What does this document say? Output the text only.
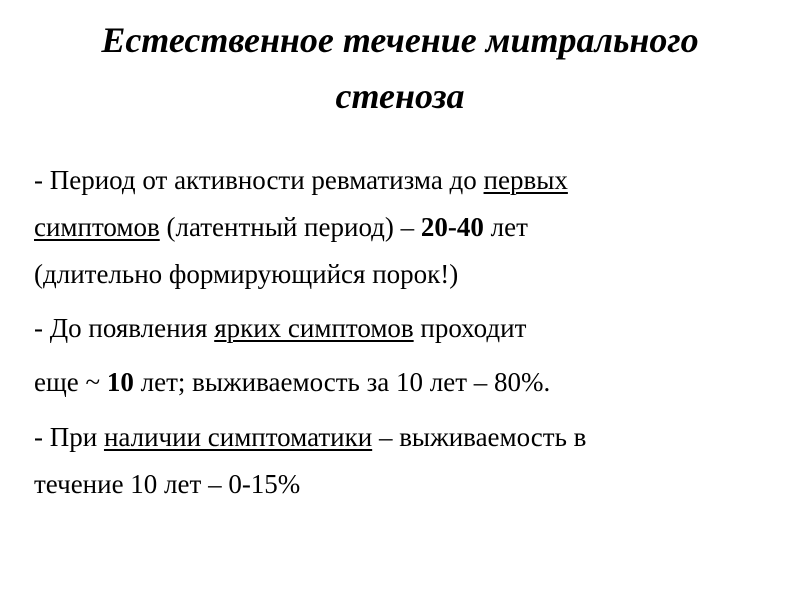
Естественное течение митрального
стеноза
- Период от активности ревматизма до первых
симптомов (латентный период) – 20-40 лет
(длительно формирующийся порок!)
- До появления ярких симптомов проходит
еще ~ 10 лет; выживаемость за 10 лет – 80%.
- При наличии симптоматики – выживаемость в
течение 10 лет – 0-15%
